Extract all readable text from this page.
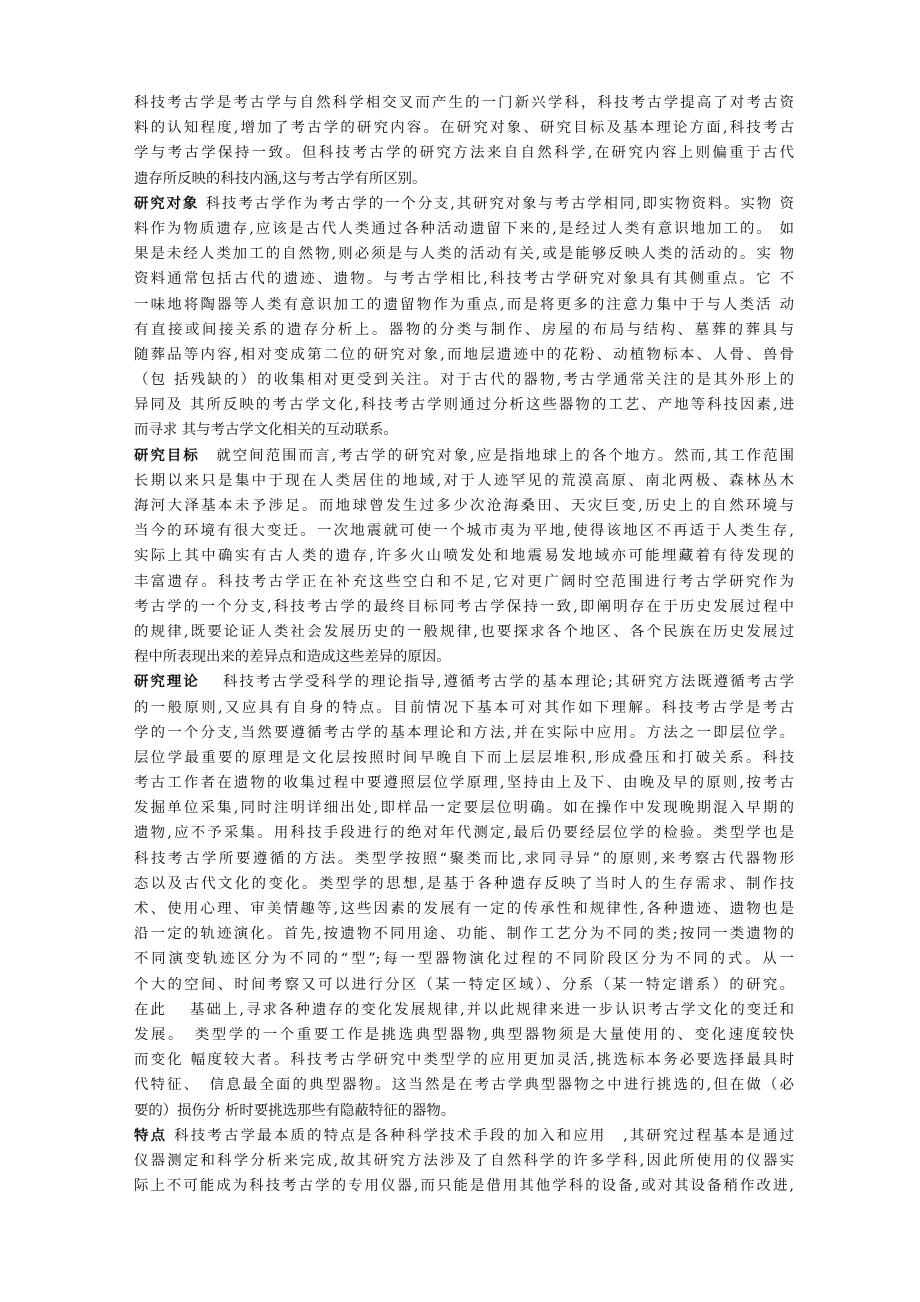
科技考古学是考古学与自然科学相交叉而产生的一门新兴学科，科技考古学提高了对考古资
料的认知程度,增加了考古学的研究内容。在研究对象、研究目标及基本理论方面,科技考古
学与考古学保持一致。但科技考古学的研究方法来自自然科学,在研究内容上则偏重于古代
遗存所反映的科技内涵,这与考古学有所区别。
研究对象 科技考古学作为考古学的一个分支,其研究对象与考古学相同,即实物资料。实物 资
料作为物质遗存,应该是古代人类通过各种活动遗留下来的,是经过人类有意识地加工的。 如
果是未经人类加工的自然物,则必须是与人类的活动有关,或是能够反映人类的活动的。实 物
资料通常包括古代的遗迹、遗物。与考古学相比,科技考古学研究对象具有其侧重点。它 不
一味地将陶器等人类有意识加工的遗留物作为重点,而是将更多的注意力集中于与人类活 动
有直接或间接关系的遗存分析上。器物的分类与制作、房屋的布局与结构、墓葬的葬具与
随葬品等内容,相对变成第二位的研究对象,而地层遗迹中的花粉、动植物标本、人骨、兽骨
（包 括残缺的）的收集相对更受到关注。对于古代的器物,考古学通常关注的是其外形上的
异同及 其所反映的考古学文化,科技考古学则通过分析这些器物的工艺、产地等科技因素,进
而寻求 其与考古学文化相关的互动联系。
研究目标　就空间范围而言,考古学的研究对象,应是指地球上的各个地方。然而,其工作范围
长期以来只是集中于现在人类居住的地域,对于人迹罕见的荒漠高原、南北两极、森林丛木
海河大泽基本未予涉足。而地球曾发生过多少次沧海桑田、天灾巨变,历史上的自然环境与
当今的环境有很大变迁。一次地震就可使一个城市夷为平地,使得该地区不再适于人类生存,
实际上其中确实有古人类的遗存,许多火山喷发处和地震易发地域亦可能埋藏着有待发现的
丰富遗存。科技考古学正在补充这些空白和不足,它对更广阔时空范围进行考古学研究作为
考古学的一个分支,科技考古学的最终目标同考古学保持一致,即阐明存在于历史发展过程中
的规律,既要论证人类社会发展历史的一般规律,也要探求各个地区、各个民族在历史发展过
程中所表现出来的差异点和造成这些差异的原因。
研究理论　 科技考古学受科学的理论指导,遵循考古学的基本理论;其研究方法既遵循考古学
的一般原则,又应具有自身的特点。目前情况下基本可对其作如下理解。科技考古学是考古
学的一个分支,当然要遵循考古学的基本理论和方法,并在实际中应用。方法之一即层位学。
层位学最重要的原理是文化层按照时间早晚自下而上层层堆积,形成叠压和打破关系。科技
考古工作者在遗物的收集过程中要遵照层位学原理,坚持由上及下、由晚及早的原则,按考古
发掘单位采集,同时注明详细出处,即样品一定要层位明确。如在操作中发现晚期混入早期的
遗物,应不予采集。用科技手段进行的绝对年代测定,最后仍要经层位学的检验。类型学也是
科技考古学所要遵循的方法。类型学按照“聚类而比,求同寻异”的原则,来考察古代器物形
态以及古代文化的变化。类型学的思想,是基于各种遗存反映了当时人的生存需求、制作技
术、使用心理、审美情趣等,这些因素的发展有一定的传承性和规律性,各种遗迹、遗物也是
沿一定的轨迹演化。首先,按遗物不同用途、功能、制作工艺分为不同的类;按同一类遗物的
不同演变轨迹区分为不同的“型”;每一型器物演化过程的不同阶段区分为不同的式。从一
个大的空间、时间考察又可以进行分区（某一特定区域）、分系（某一特定谱系）的研究。
在此　 基础上,寻求各种遗存的变化发展规律,并以此规律来进一步认识考古学文化的变迁和
发展。　类型学的一个重要工作是挑选典型器物,典型器物须是大量使用的、变化速度较快
而变化 幅度较大者。科技考古学研究中类型学的应用更加灵活,挑选标本务必要选择最具时
代特征、　信息最全面的典型器物。这当然是在考古学典型器物之中进行挑选的,但在做（必
要的）损伤分 析时要挑选那些有隐蔽特征的器物。
特点 科技考古学最本质的特点是各种科学技术手段的加入和应用　,其研究过程基本是通过
仪器测定和科学分析来完成,故其研究方法涉及了自然科学的许多学科,因此所使用的仪器实
际上不可能成为科技考古学的专用仪器,而只能是借用其他学科的设备,或对其设备稍作改进,
